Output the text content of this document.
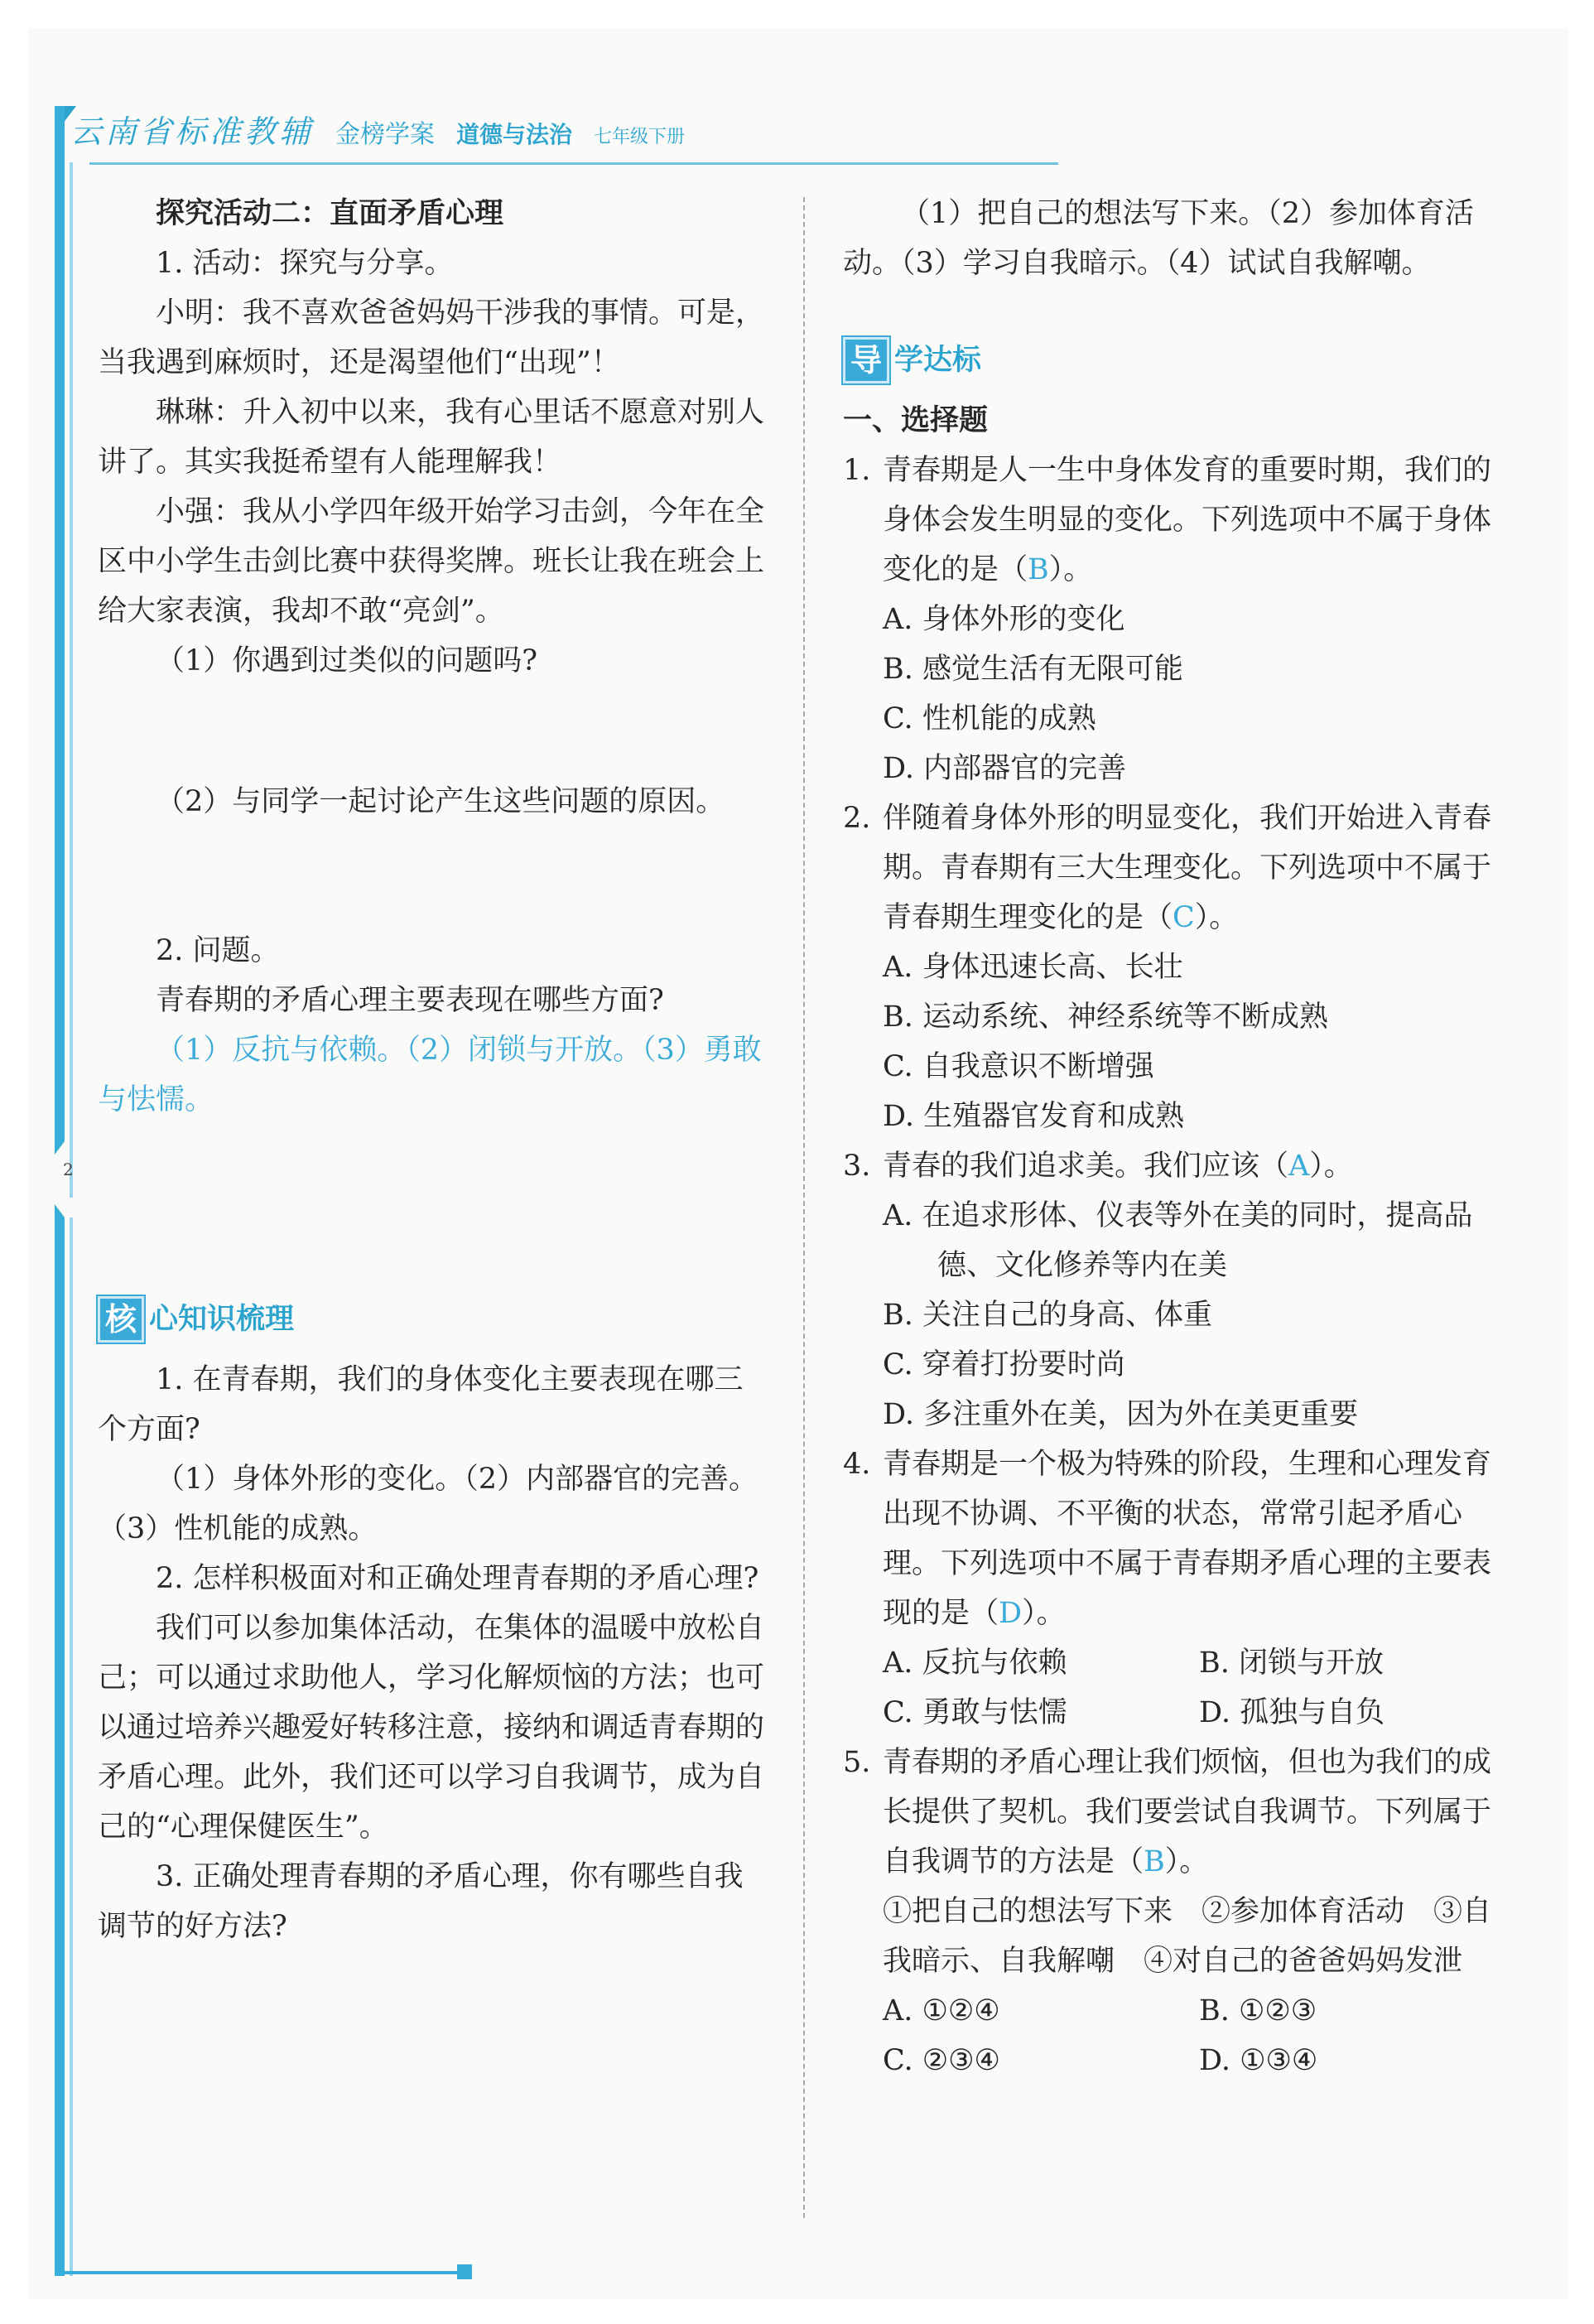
云南省标准教辅 金榜学案 道德与法治 七年级下册
2

探究活动二：直面矛盾心理

1. 活动：探究与分享。

小明：我不喜欢爸爸妈妈干涉我的事情。可是，当我遇到麻烦时，还是渴望他们“出现”！

琳琳：升入初中以来，我有心里话不愿意对别人讲了。其实我挺希望有人能理解我！

小强：我从小学四年级开始学习击剑，今年在全区中小学生击剑比赛中获得奖牌。班长让我在班会上给大家表演，我却不敢“亮剑”。

（1）你遇到过类似的问题吗?

（2）与同学一起讨论产生这些问题的原因。

2. 问题。

青春期的矛盾心理主要表现在哪些方面?

（1）反抗与依赖。（2）闭锁与开放。（3）勇敢与怯懦。

核 心知识梳理

1. 在青春期，我们的身体变化主要表现在哪三个方面?

（1）身体外形的变化。（2）内部器官的完善。（3）性机能的成熟。

2. 怎样积极面对和正确处理青春期的矛盾心理?

我们可以参加集体活动，在集体的温暖中放松自己；可以通过求助他人，学习化解烦恼的方法；也可以通过培养兴趣爱好转移注意，接纳和调适青春期的矛盾心理。此外，我们还可以学习自我调节，成为自己的“心理保健医生”。

3. 正确处理青春期的矛盾心理，你有哪些自我调节的好方法?

（1）把自己的想法写下来。（2）参加体育活动。（3）学习自我暗示。（4）试试自我解嘲。

导 学达标

一、选择题

1. 青春期是人一生中身体发育的重要时期，我们的身体会发生明显的变化。下列选项中不属于身体变化的是（B）。

A. 身体外形的变化

B. 感觉生活有无限可能

C. 性机能的成熟

D. 内部器官的完善

2. 伴随着身体外形的明显变化，我们开始进入青春期。青春期有三大生理变化。下列选项中不属于青春期生理变化的是（C）。

A. 身体迅速长高、长壮

B. 运动系统、神经系统等不断成熟

C. 自我意识不断增强

D. 生殖器官发育和成熟

3. 青春的我们追求美。我们应该（A）。

A. 在追求形体、仪表等外在美的同时，提高品德、文化修养等内在美

B. 关注自己的身高、体重

C. 穿着打扮要时尚

D. 多注重外在美，因为外在美更重要

4. 青春期是一个极为特殊的阶段，生理和心理发育出现不协调、不平衡的状态，常常引起矛盾心理。下列选项中不属于青春期矛盾心理的主要表现的是（D）。
A. 反抗与依赖	B. 闭锁与开放
C. 勇敢与怯懦	D. 孤独与自负
5. 青春期的矛盾心理让我们烦恼，但也为我们的成长提供了契机。我们要尝试自我调节。下列属于自我调节的方法是（B）。

①把自己的想法写下来　②参加体育活动　③自我暗示、自我解嘲　④对自己的爸爸妈妈发泄

A. ①②④	B. ①②③
C. ②③④	D. ①③④
